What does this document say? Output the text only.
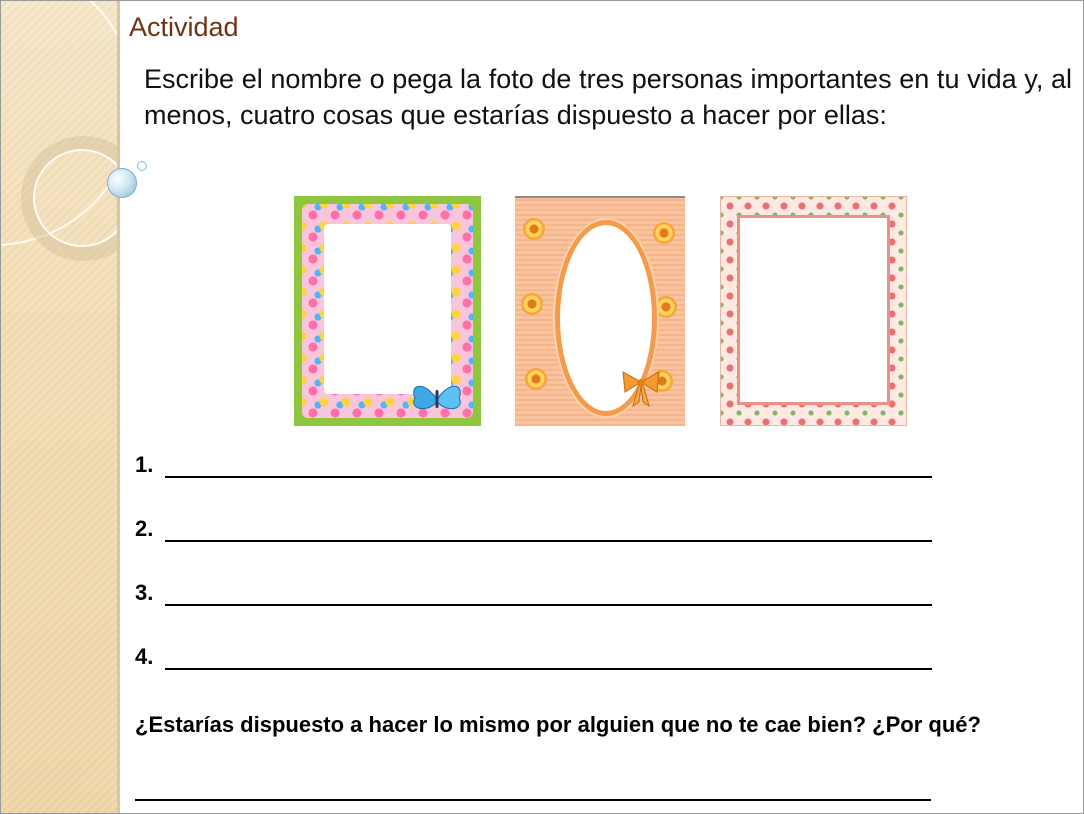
Actividad

Escribe el nombre o pega la foto de tres personas importantes en tu vida y, al menos, cuatro cosas que estarías dispuesto a hacer por ellas:

1.
2.
3.
4.

¿Estarías dispuesto a hacer lo mismo por alguien que no te cae bien? ¿Por qué?
